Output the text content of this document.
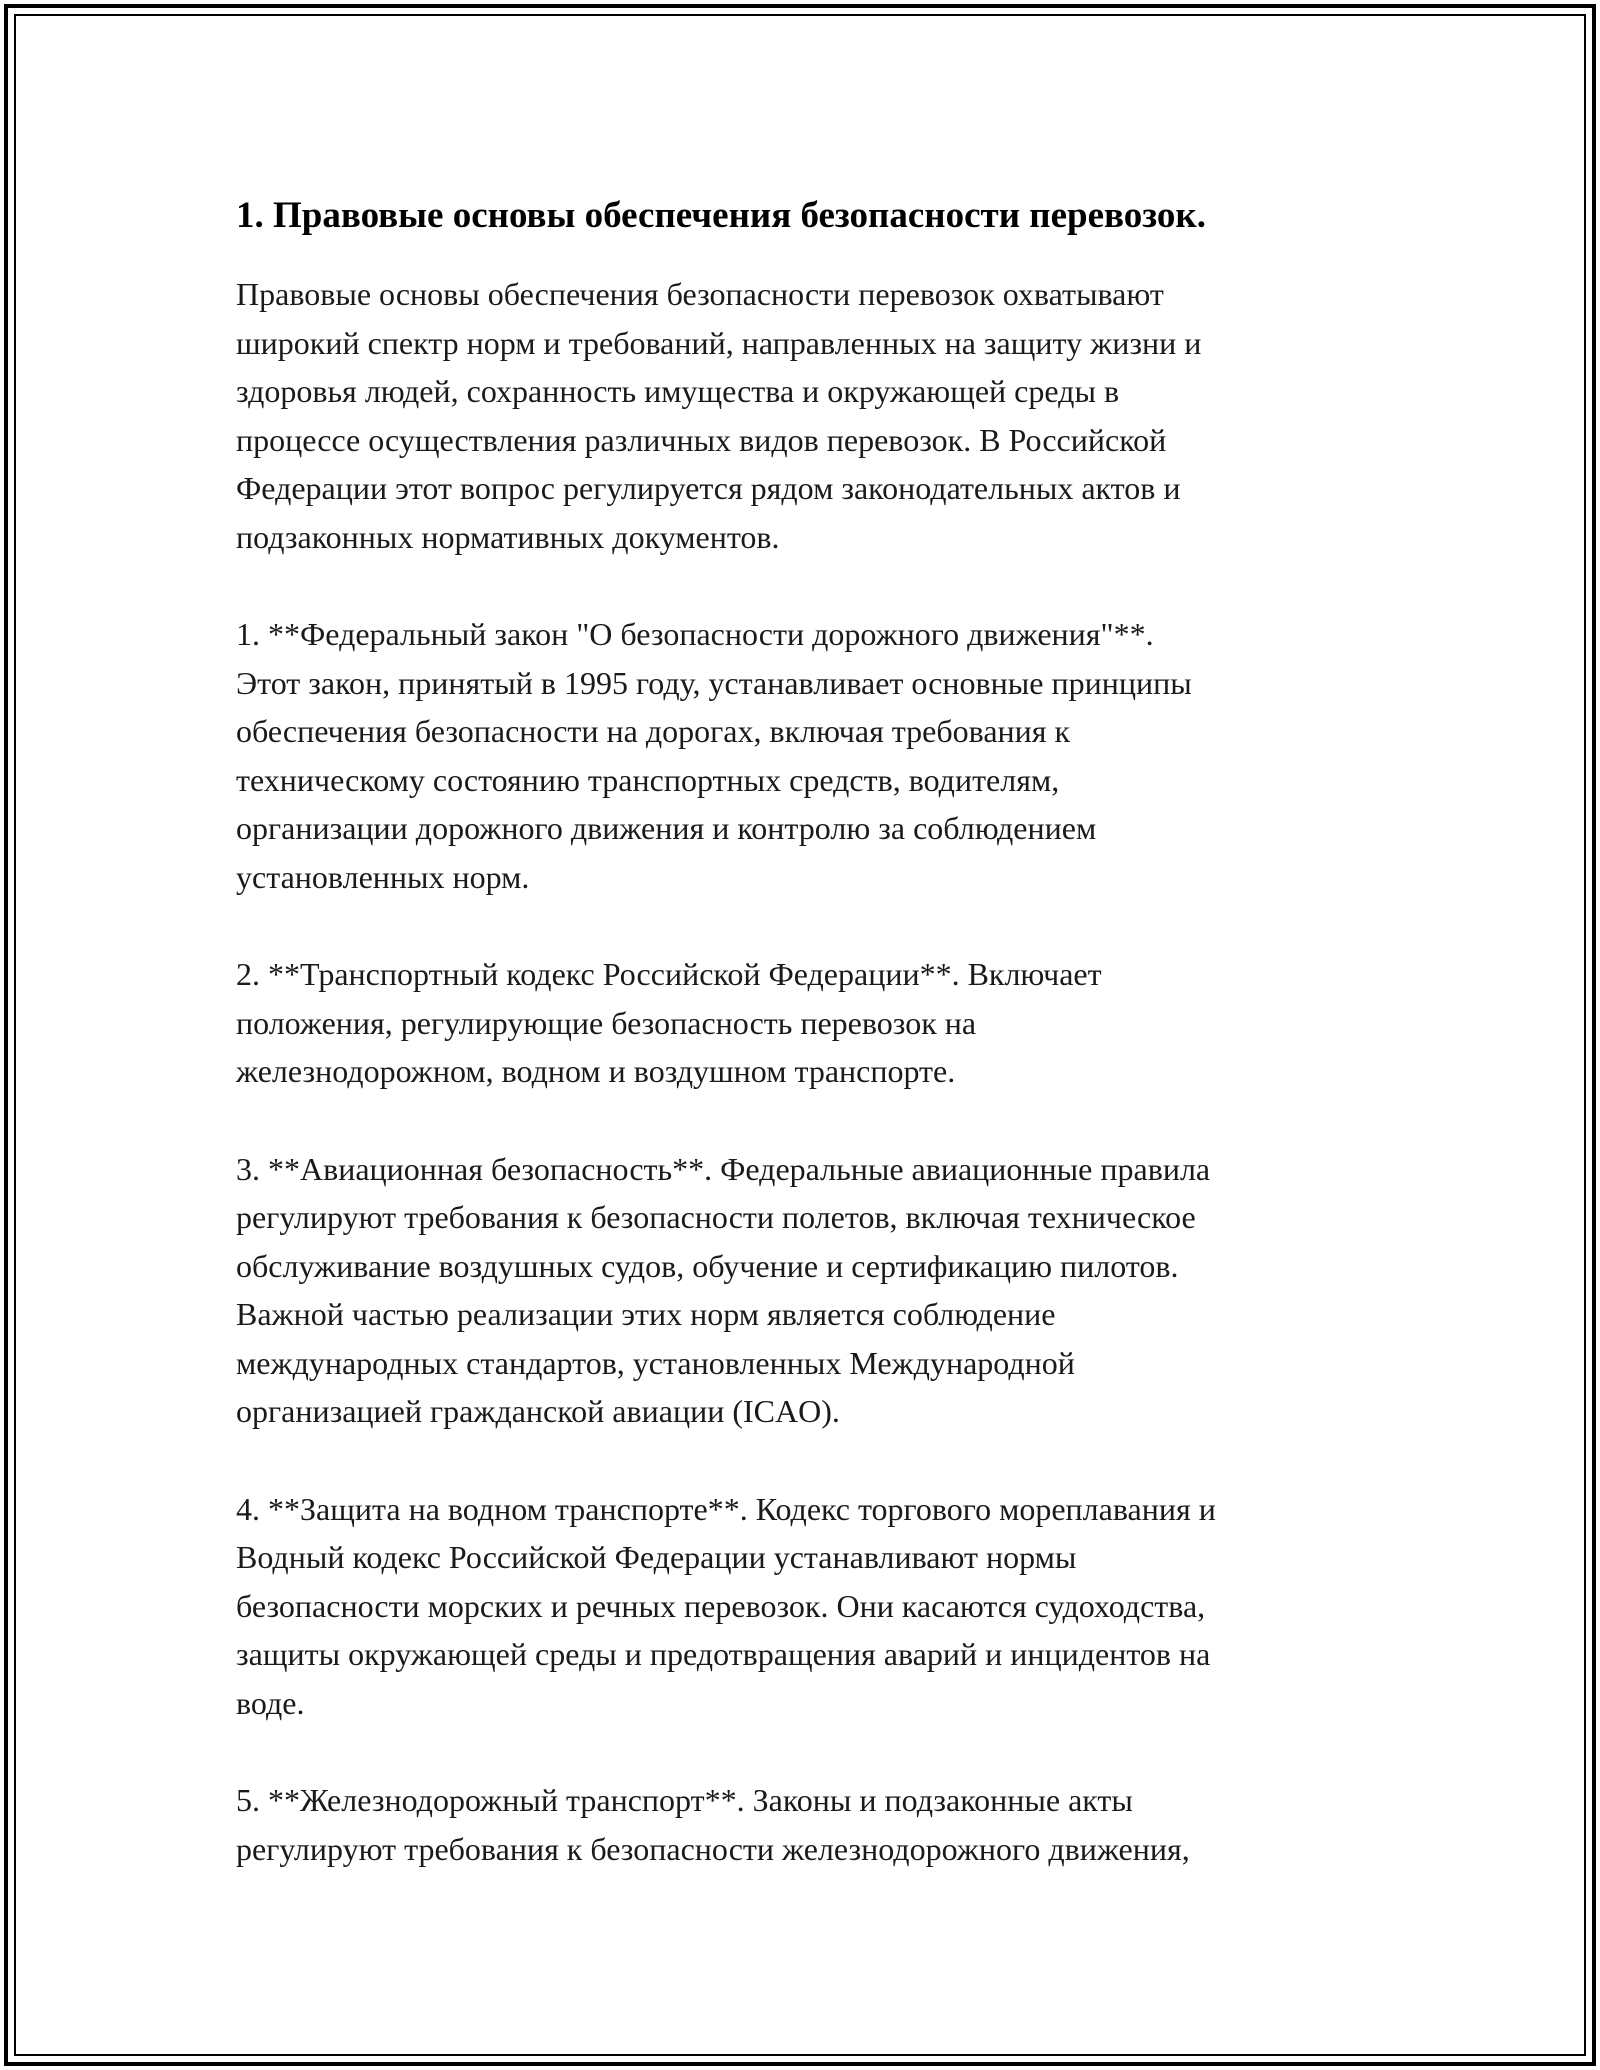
1. Правовые основы обеспечения безопасности перевозок.

Правовые основы обеспечения безопасности перевозок охватывают
широкий спектр норм и требований, направленных на защиту жизни и
здоровья людей, сохранность имущества и окружающей среды в
процессе осуществления различных видов перевозок. В Российской
Федерации этот вопрос регулируется рядом законодательных актов и
подзаконных нормативных документов.

1. **Федеральный закон "О безопасности дорожного движения"**.
Этот закон, принятый в 1995 году, устанавливает основные принципы
обеспечения безопасности на дорогах, включая требования к
техническому состоянию транспортных средств, водителям,
организации дорожного движения и контролю за соблюдением
установленных норм.

2. **Транспортный кодекс Российской Федерации**. Включает
положения, регулирующие безопасность перевозок на
железнодорожном, водном и воздушном транспорте.

3. **Авиационная безопасность**. Федеральные авиационные правила
регулируют требования к безопасности полетов, включая техническое
обслуживание воздушных судов, обучение и сертификацию пилотов.
Важной частью реализации этих норм является соблюдение
международных стандартов, установленных Международной
организацией гражданской авиации (ICAO).

4. **Защита на водном транспорте**. Кодекс торгового мореплавания и
Водный кодекс Российской Федерации устанавливают нормы
безопасности морских и речных перевозок. Они касаются судоходства,
защиты окружающей среды и предотвращения аварий и инцидентов на
воде.

5. **Железнодорожный транспорт**. Законы и подзаконные акты
регулируют требования к безопасности железнодорожного движения,
